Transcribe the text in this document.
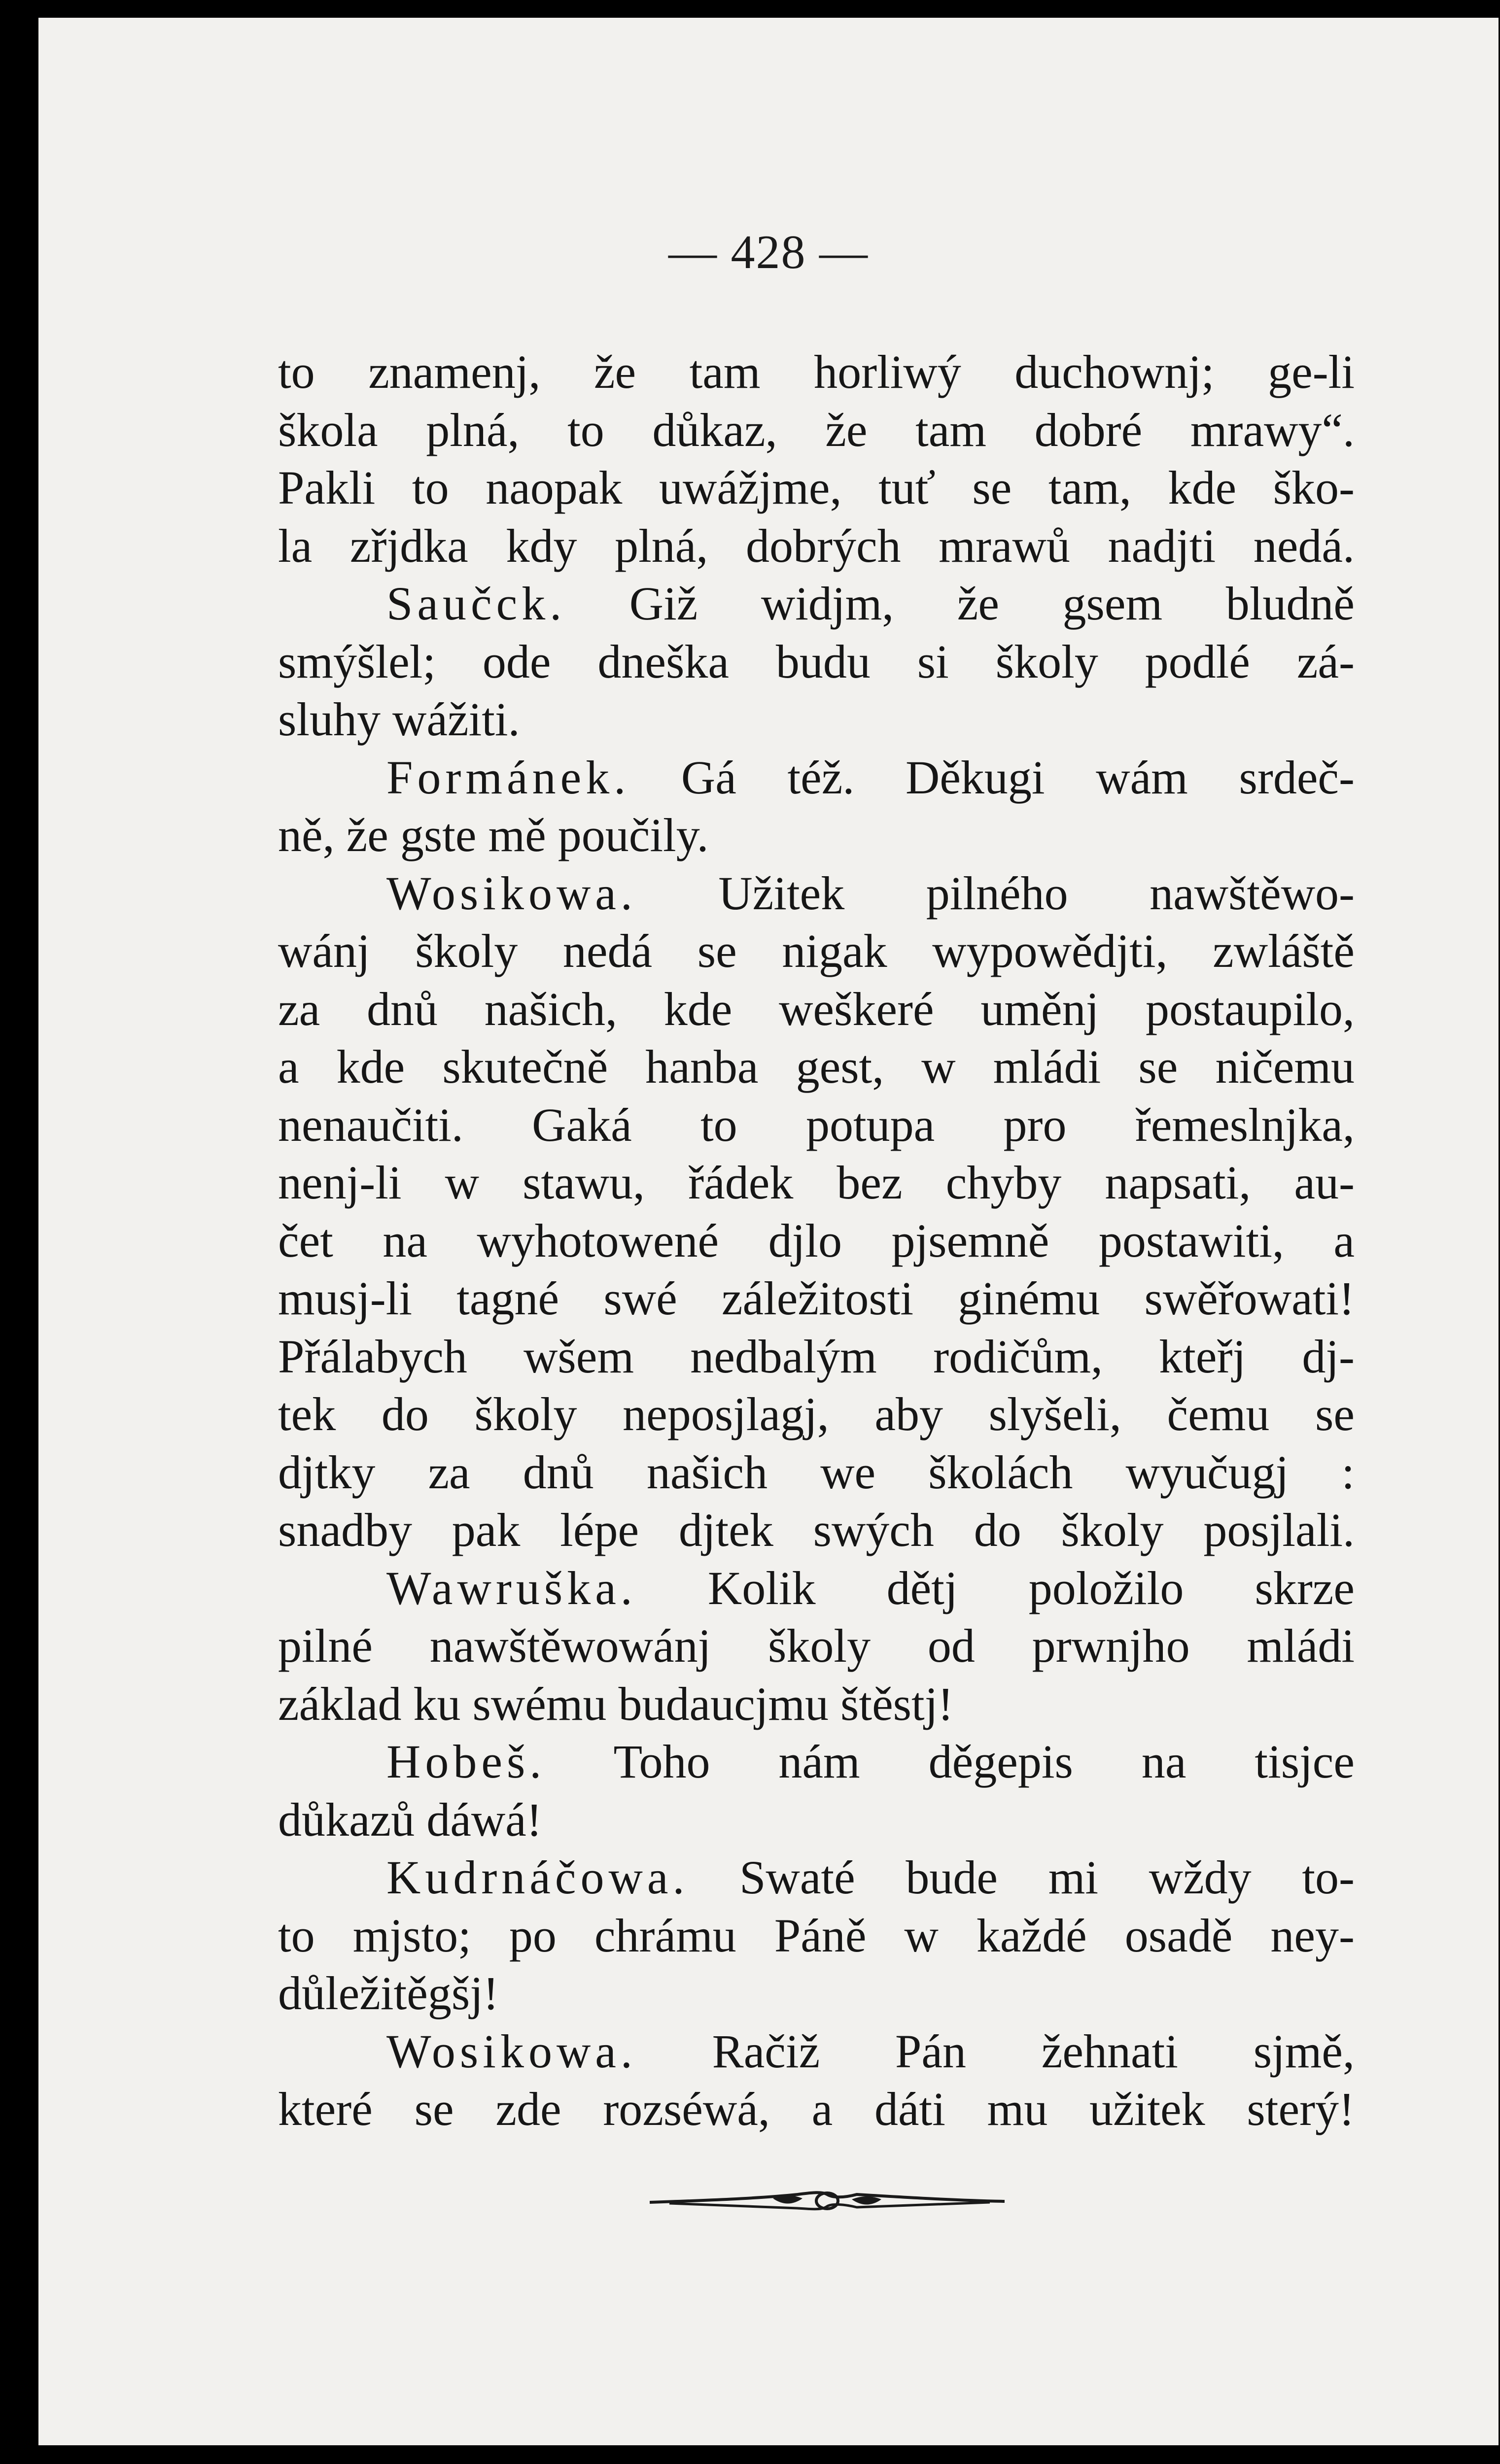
— 428 —
to znamenj, že tam horliwý duchownj; ge-li
škola plná, to důkaz, že tam dobré mrawy“.
Pakli to naopak uwážjme, tuť se tam, kde ško-
la zřjdka kdy plná, dobrých mrawů nadjti nedá.
Saučck. Giž widjm, že gsem bludně
smýšlel; ode dneška budu si školy podlé zá-
sluhy wážiti.
Formánek. Gá též. Děkugi wám srdeč-
ně, že gste mě poučily.
Wosikowa. Užitek pilného nawštěwo-
wánj školy nedá se nigak wypowědjti, zwláště
za dnů našich, kde weškeré uměnj postaupilo,
a kde skutečně hanba gest, w mládi se ničemu
nenaučiti. Gaká to potupa pro řemeslnjka,
nenj-li w stawu, řádek bez chyby napsati, au-
čet na wyhotowené djlo pjsemně postawiti, a
musj-li tagné swé záležitosti ginému swěřowati!
Přálabych wšem nedbalým rodičům, kteřj dj-
tek do školy neposjlagj, aby slyšeli, čemu se
djtky za dnů našich we školách wyučugj :
snadby pak lépe djtek swých do školy posjlali.
Wawruška. Kolik dětj položilo skrze
pilné nawštěwowánj školy od prwnjho mládi
základ ku swému budaucjmu štěstj!
Hobeš. Toho nám děgepis na tisjce
důkazů dáwá!
Kudrnáčowa. Swaté bude mi wždy to-
to mjsto; po chrámu Páně w každé osadě ney-
důležitěgšj!
Wosikowa. Račiž Pán žehnati sjmě,
které se zde rozséwá, a dáti mu užitek sterý!
